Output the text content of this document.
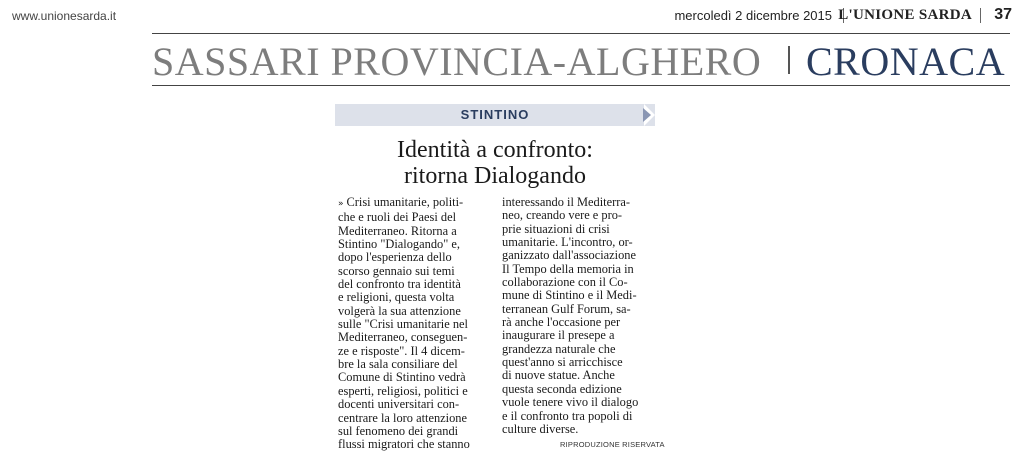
www.unionesarda.it	mercoledì 2 dicembre 2015 L'UNIONE SARDA 37
SASSARI PROVINCIA-ALGHERO CRONACA
STINTINO
Identità a confronto:
ritorna Dialogando
» Crisi umanitarie, politi-
che e ruoli dei Paesi del
Mediterraneo. Ritorna a
Stintino "Dialogando" e,
dopo l'esperienza dello
scorso gennaio sui temi
del confronto tra identità
e religioni, questa volta
volgerà la sua attenzione
sulle "Crisi umanitarie nel
Mediterraneo, conseguen-
ze e risposte". Il 4 dicem-
bre la sala consiliare del
Comune di Stintino vedrà
esperti, religiosi, politici e
docenti universitari con-
centrare la loro attenzione
sul fenomeno dei grandi
flussi migratori che stanno
interessando il Mediterra-
neo, creando vere e pro-
prie situazioni di crisi
umanitarie. L'incontro, or-
ganizzato dall'associazione
Il Tempo della memoria in
collaborazione con il Co-
mune di Stintino e il Medi-
terranean Gulf Forum, sa-
rà anche l'occasione per
inaugurare il presepe a
grandezza naturale che
quest'anno si arricchisce
di nuove statue. Anche
questa seconda edizione
vuole tenere vivo il dialogo
e il confronto tra popoli di
culture diverse.
RIPRODUZIONE RISERVATA
